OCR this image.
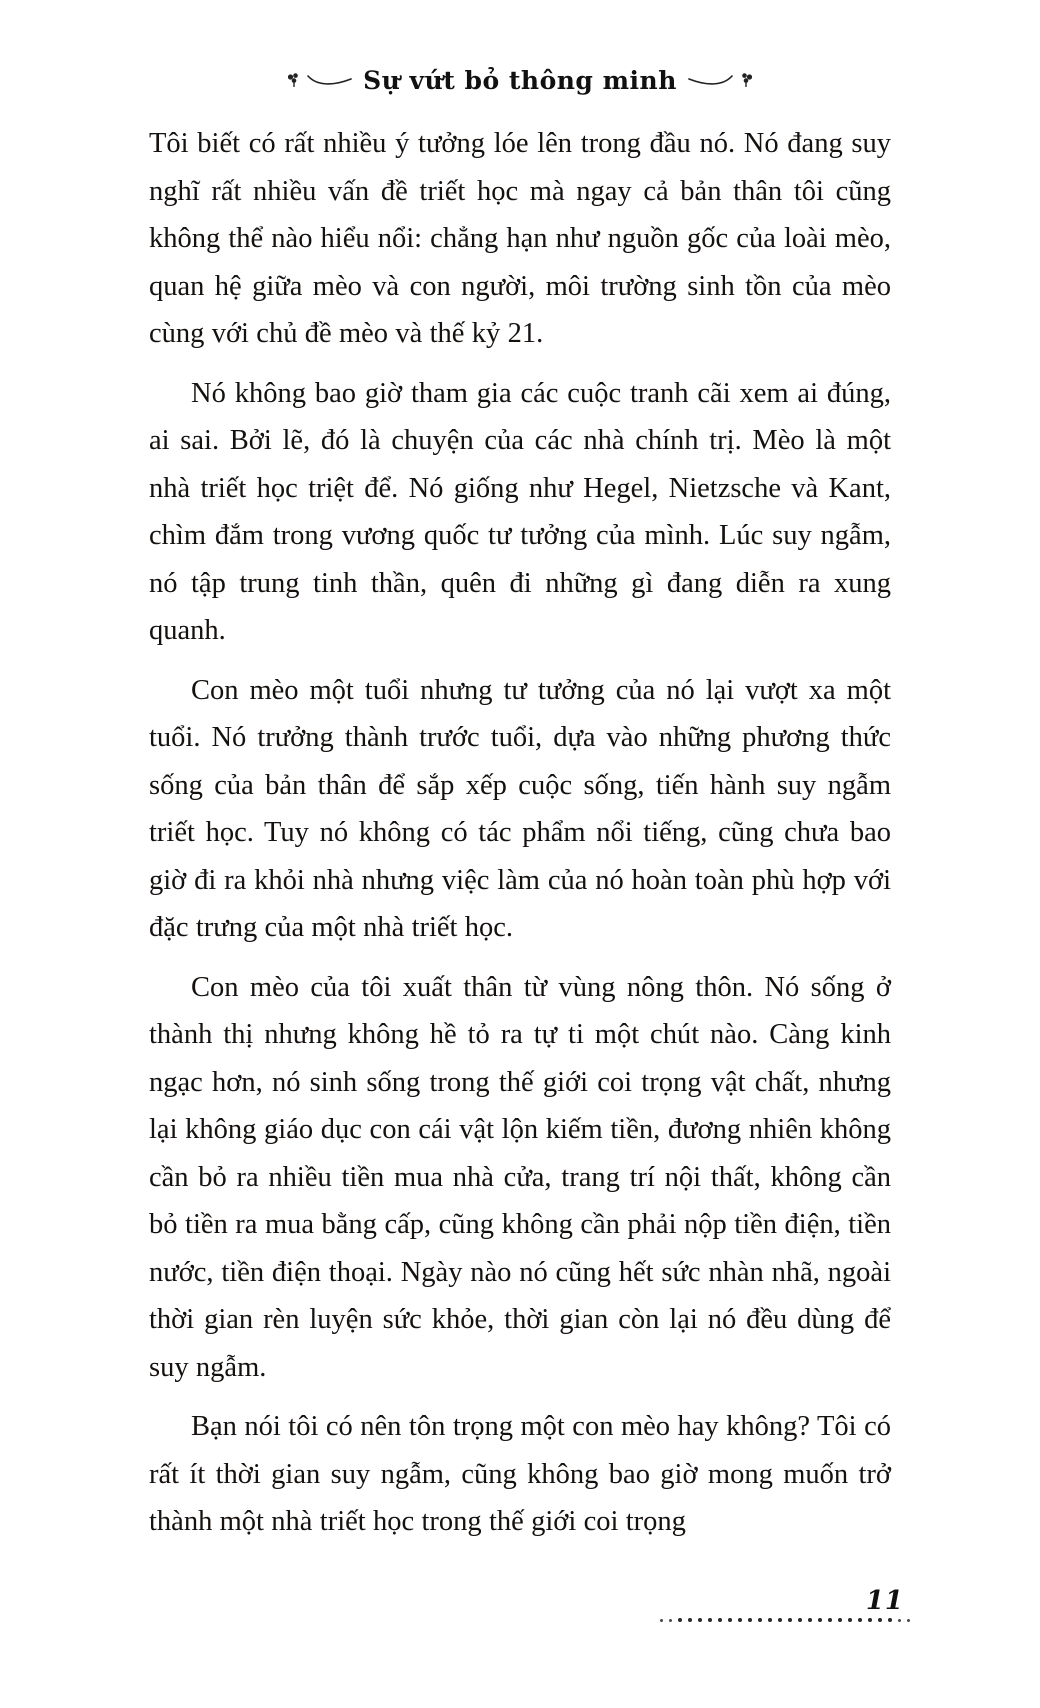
Sự vứt bỏ thông minh

Tôi biết có rất nhiều ý tưởng lóe lên trong đầu nó. Nó đang suy nghĩ rất nhiều vấn đề triết học mà ngay cả bản thân tôi cũng không thể nào hiểu nổi: chẳng hạn như nguồn gốc của loài mèo, quan hệ giữa mèo và con người, môi trường sinh tồn của mèo cùng với chủ đề mèo và thế kỷ 21.

Nó không bao giờ tham gia các cuộc tranh cãi xem ai đúng, ai sai. Bởi lẽ, đó là chuyện của các nhà chính trị. Mèo là một nhà triết học triệt để. Nó giống như Hegel, Nietzsche và Kant, chìm đắm trong vương quốc tư tưởng của mình. Lúc suy ngẫm, nó tập trung tinh thần, quên đi những gì đang diễn ra xung quanh.

Con mèo một tuổi nhưng tư tưởng của nó lại vượt xa một tuổi. Nó trưởng thành trước tuổi, dựa vào những phương thức sống của bản thân để sắp xếp cuộc sống, tiến hành suy ngẫm triết học. Tuy nó không có tác phẩm nổi tiếng, cũng chưa bao giờ đi ra khỏi nhà nhưng việc làm của nó hoàn toàn phù hợp với đặc trưng của một nhà triết học.

Con mèo của tôi xuất thân từ vùng nông thôn. Nó sống ở thành thị nhưng không hề tỏ ra tự ti một chút nào. Càng kinh ngạc hơn, nó sinh sống trong thế giới coi trọng vật chất, nhưng lại không giáo dục con cái vật lộn kiếm tiền, đương nhiên không cần bỏ ra nhiều tiền mua nhà cửa, trang trí nội thất, không cần bỏ tiền ra mua bằng cấp, cũng không cần phải nộp tiền điện, tiền nước, tiền điện thoại. Ngày nào nó cũng hết sức nhàn nhã, ngoài thời gian rèn luyện sức khỏe, thời gian còn lại nó đều dùng để suy ngẫm.

Bạn nói tôi có nên tôn trọng một con mèo hay không? Tôi có rất ít thời gian suy ngẫm, cũng không bao giờ mong muốn trở thành một nhà triết học trong thế giới coi trọng

11
